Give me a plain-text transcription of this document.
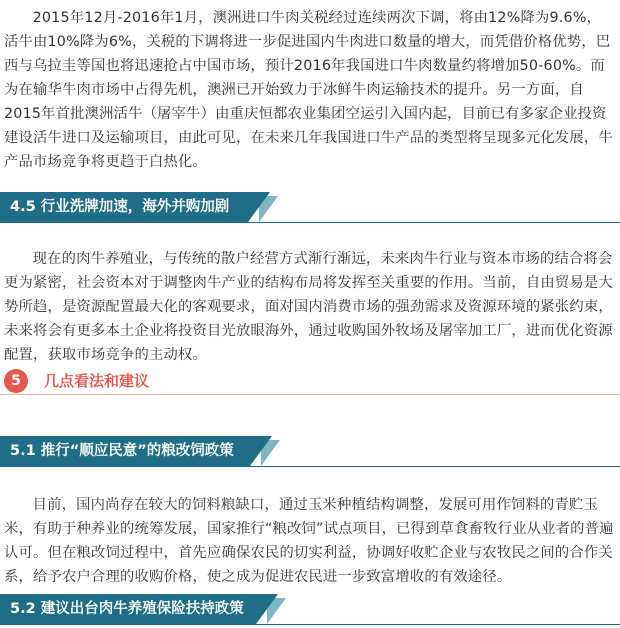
2015年12月-2016年1月，澳洲进口牛肉关税经过连续两次下调，将由12%降为9.6%， 活牛由10%降为6%，关税的下调将进一步促进国内牛肉进口数量的增大，而凭借价格优势，巴西与乌拉圭等国也将迅速抢占中国市场，预计2016年我国进口牛肉数量约将增加50-60%。而为在输华牛肉市场中占得先机，澳洲已开始致力于冰鲜牛肉运输技术的提升。另一方面，自2015年首批澳洲活牛（屠宰牛）由重庆恒都农业集团空运引入国内起，目前已有多家企业投资建设活牛进口及运输项目，由此可见，在未来几年我国进口牛产品的类型将呈现多元化发展，牛产品市场竞争将更趋于白热化。

4.5 行业洗牌加速，海外并购加剧

现在的肉牛养殖业，与传统的散户经营方式渐行渐远，未来肉牛行业与资本市场的结合将会更为紧密，社会资本对于调整肉牛产业的结构布局将发挥至关重要的作用。当前，自由贸易是大势所趋，是资源配置最大化的客观要求，面对国内消费市场的强劲需求及资源环境的紧张约束，未来将会有更多本土企业将投资目光放眼海外，通过收购国外牧场及屠宰加工厂，进而优化资源配置，获取市场竞争的主动权。

5	几点看法和建议
5.1 推行“顺应民意”的粮改饲政策

目前，国内尚存在较大的饲料粮缺口，通过玉米种植结构调整，发展可用作饲料的青贮玉米，有助于种养业的统筹发展，国家推行“粮改饲”试点项目，已得到草食畜牧行业从业者的普遍认可。但在粮改饲过程中，首先应确保农民的切实利益，协调好收贮企业与农牧民之间的合作关系，给予农户合理的收购价格，使之成为促进农民进一步致富增收的有效途径。

5.2 建议出台肉牛养殖保险扶持政策
